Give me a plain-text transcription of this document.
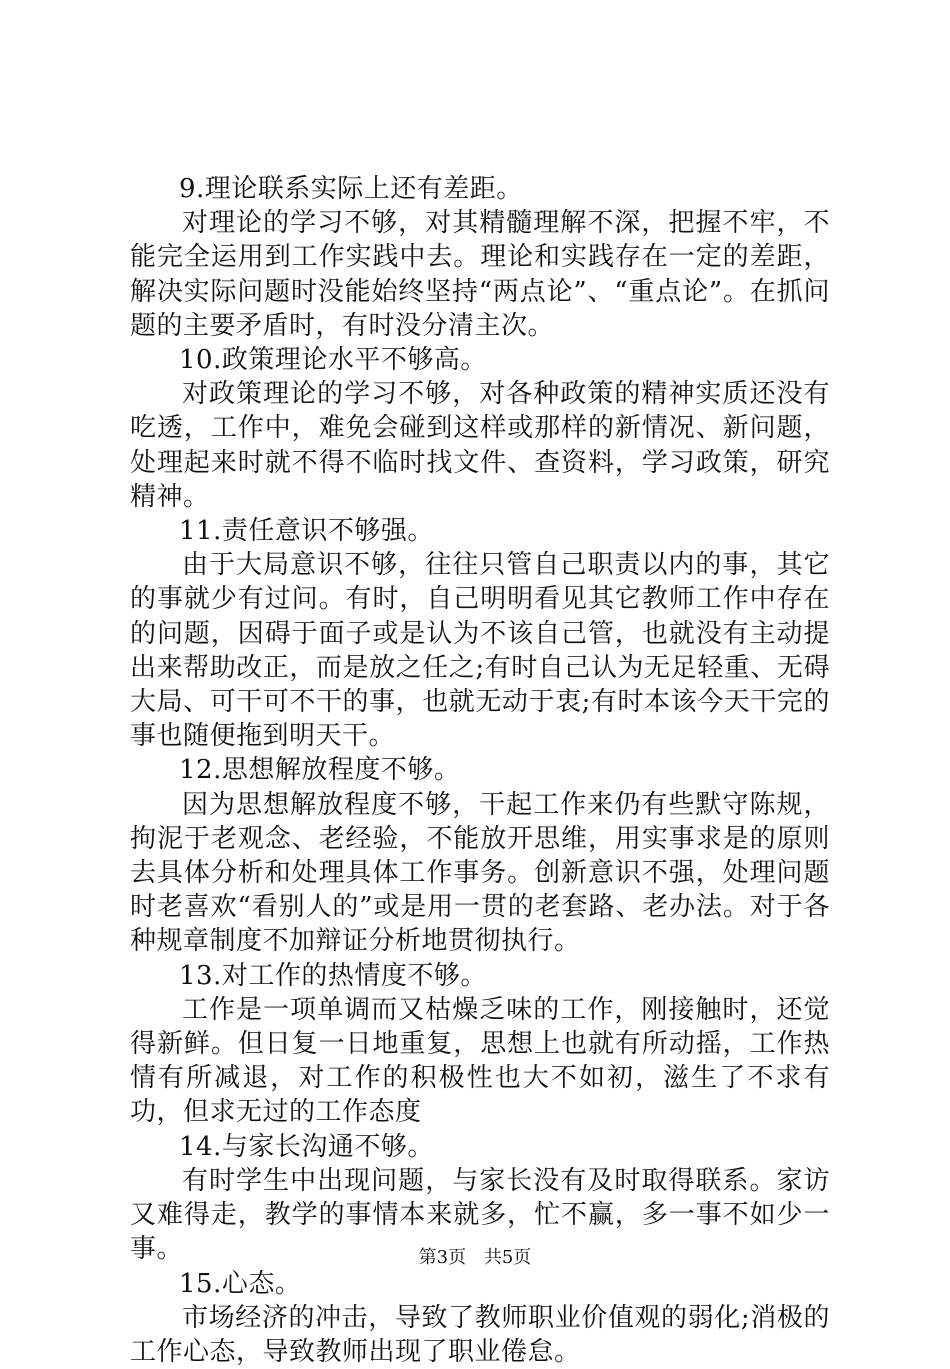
9.理论联系实际上还有差距。

对理论的学习不够，对其精髓理解不深，把握不牢，不能完全运用到工作实践中去。理论和实践存在一定的差距，解决实际问题时没能始终坚持“两点论”、“重点论”。在抓问题的主要矛盾时，有时没分清主次。

10.政策理论水平不够高。

对政策理论的学习不够，对各种政策的精神实质还没有吃透，工作中，难免会碰到这样或那样的新情况、新问题，处理起来时就不得不临时找文件、查资料，学习政策，研究精神。

11.责任意识不够强。

由于大局意识不够，往往只管自己职责以内的事，其它的事就少有过问。有时，自己明明看见其它教师工作中存在的问题，因碍于面子或是认为不该自己管，也就没有主动提出来帮助改正，而是放之任之;有时自己认为无足轻重、无碍大局、可干可不干的事，也就无动于衷;有时本该今天干完的事也随便拖到明天干。

12.思想解放程度不够。

因为思想解放程度不够，干起工作来仍有些默守陈规，拘泥于老观念、老经验，不能放开思维，用实事求是的原则去具体分析和处理具体工作事务。创新意识不强，处理问题时老喜欢“看别人的”或是用一贯的老套路、老办法。对于各种规章制度不加辩证分析地贯彻执行。

13.对工作的热情度不够。

工作是一项单调而又枯燥乏味的工作，刚接触时，还觉得新鲜。但日复一日地重复，思想上也就有所动摇，工作热情有所减退，对工作的积极性也大不如初，滋生了不求有功，但求无过的工作态度

14.与家长沟通不够。

有时学生中出现问题，与家长没有及时取得联系。家访又难得走，教学的事情本来就多，忙不赢，多一事不如少一事。

15.心态。

市场经济的冲击，导致了教师职业价值观的弱化;消极的工作心态，导致教师出现了职业倦怠。

第3页 共5页
